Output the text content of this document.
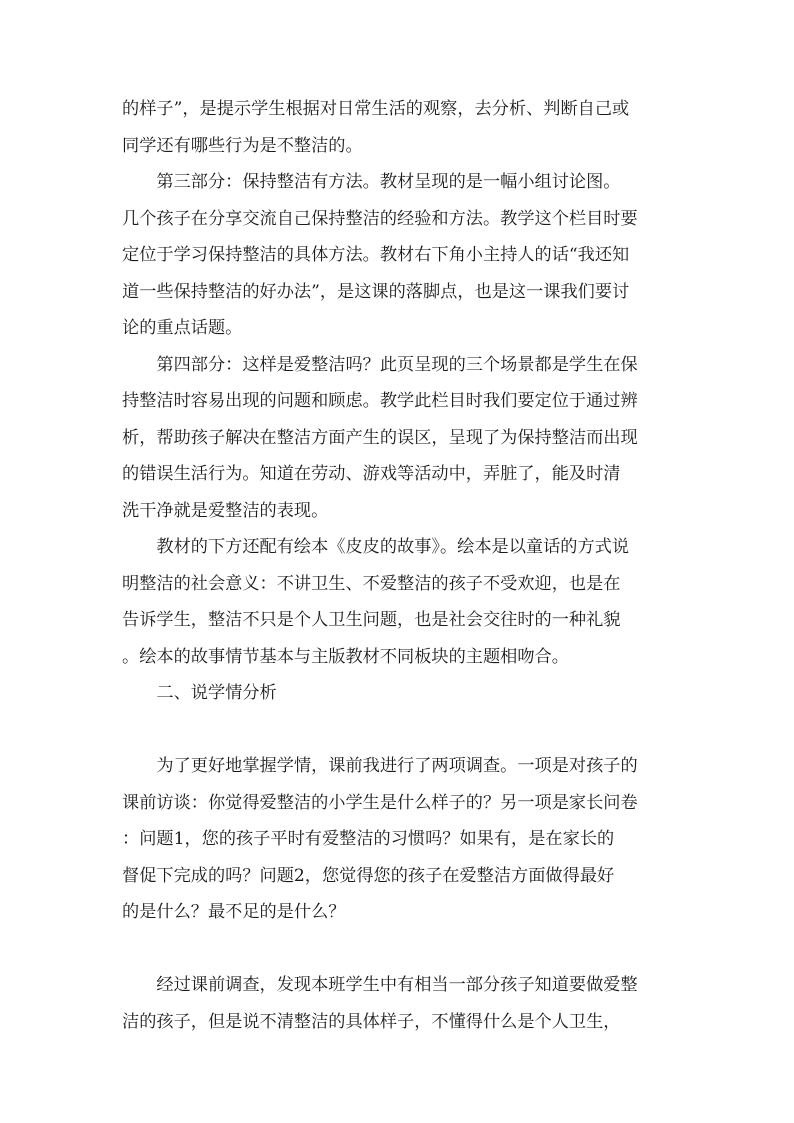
的样子”，是提示学生根据对日常生活的观察，去分析、判断自己或
同学还有哪些行为是不整洁的。
　　第三部分：保持整洁有方法。教材呈现的是一幅小组讨论图。
几个孩子在分享交流自己保持整洁的经验和方法。教学这个栏目时要
定位于学习保持整洁的具体方法。教材右下角小主持人的话“我还知
道一些保持整洁的好办法”，是这课的落脚点，也是这一课我们要讨
论的重点话题。
　　第四部分：这样是爱整洁吗？此页呈现的三个场景都是学生在保
持整洁时容易出现的问题和顾虑。教学此栏目时我们要定位于通过辨
析，帮助孩子解决在整洁方面产生的误区，呈现了为保持整洁而出现
的错误生活行为。知道在劳动、游戏等活动中，弄脏了，能及时清
洗干净就是爱整洁的表现。
　　教材的下方还配有绘本《皮皮的故事》。绘本是以童话的方式说
明整洁的社会意义：不讲卫生、不爱整洁的孩子不受欢迎，也是在
告诉学生，整洁不只是个人卫生问题，也是社会交往时的一种礼貌
。绘本的故事情节基本与主版教材不同板块的主题相吻合。
　　二、说学情分析
　　为了更好地掌握学情，课前我进行了两项调查。一项是对孩子的
课前访谈：你觉得爱整洁的小学生是什么样子的？另一项是家长问卷
：问题1，您的孩子平时有爱整洁的习惯吗？如果有，是在家长的
督促下完成的吗？问题2，您觉得您的孩子在爱整洁方面做得最好
的是什么？最不足的是什么？
　　经过课前调查，发现本班学生中有相当一部分孩子知道要做爱整
洁的孩子，但是说不清整洁的具体样子，不懂得什么是个人卫生，
